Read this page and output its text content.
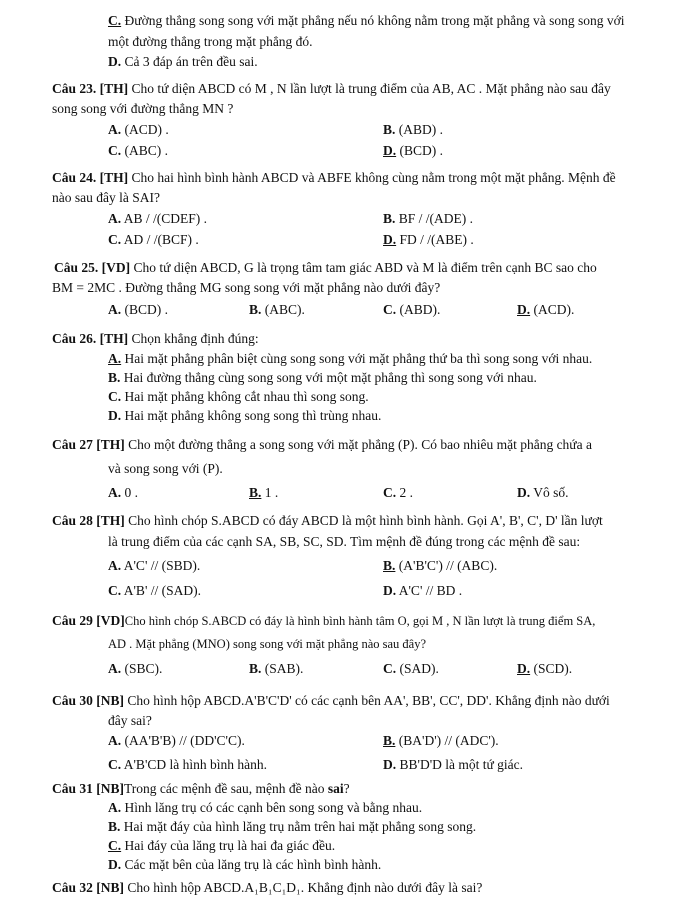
C. Đường thẳng song song với mặt phẳng nếu nó không nằm trong mặt phẳng và song song với
một đường thẳng trong mặt phẳng đó.
D. Cả 3 đáp án trên đều sai.
Câu 23. [TH] Cho tứ diện ABCD có M , N lần lượt là trung điểm của AB, AC . Mặt phẳng nào sau đây
song song với đường thẳng MN ?
A. (ACD) .	B. (ABD) .
C. (ABC) .	D. (BCD) .
Câu 24. [TH] Cho hai hình bình hành ABCD và ABFE không cùng nằm trong một mặt phẳng. Mệnh đề
nào sau đây là SAI?
A. AB / /(CDEF) .	B. BF / /(ADE) .
C. AD / /(BCF) .	D. FD / /(ABE) .
Câu 25. [VD] Cho tứ diện ABCD, G là trọng tâm tam giác ABD và M là điểm trên cạnh BC sao cho
BM = 2MC . Đường thẳng MG song song với mặt phẳng nào dưới đây?
A. (BCD) .	B. (ABC).	C. (ABD).	D. (ACD).
Câu 26. [TH] Chọn khẳng định đúng:
A. Hai mặt phẳng phân biệt cùng song song với mặt phẳng thứ ba thì song song với nhau.
B. Hai đường thẳng cùng song song với một mặt phẳng thì song song với nhau.
C. Hai mặt phẳng không cắt nhau thì song song.
D. Hai mặt phẳng không song song thì trùng nhau.
Câu 27 [TH] Cho một đường thẳng a song song với mặt phẳng (P). Có bao nhiêu mặt phẳng chứa a
và song song với (P).
A. 0 .	B. 1 .	C. 2 .	D. Vô số.
Câu 28 [TH] Cho hình chóp S.ABCD có đáy ABCD là một hình bình hành. Gọi A', B', C', D' lần lượt
là trung điểm của các cạnh SA, SB, SC, SD. Tìm mệnh đề đúng trong các mệnh đề sau:
A. A'C' // (SBD).	B. (A'B'C') // (ABC).
C. A'B' // (SAD).	D. A'C' // BD .
Câu 29 [VD]Cho hình chóp S.ABCD có đáy là hình bình hành tâm O, gọi M , N lần lượt là trung điểm SA,
AD . Mặt phẳng (MNO) song song với mặt phẳng nào sau đây?
A. (SBC).	B. (SAB).	C. (SAD).	D. (SCD).
Câu 30 [NB] Cho hình hộp ABCD.A'B'C'D' có các cạnh bên AA', BB', CC', DD'. Khẳng định nào dưới
đây sai?
A. (AA'B'B) // (DD'C'C).	B. (BA'D') // (ADC').
C. A'B'CD là hình bình hành.	D. BB'D'D là một tứ giác.
Câu 31 [NB]Trong các mệnh đề sau, mệnh đề nào sai?
A. Hình lăng trụ có các cạnh bên song song và bằng nhau.
B. Hai mặt đáy của hình lăng trụ nằm trên hai mặt phẳng song song.
C. Hai đáy của lăng trụ là hai đa giác đều.
D. Các mặt bên của lăng trụ là các hình bình hành.
Câu 32 [NB] Cho hình hộp ABCD.A₁B₁C₁D₁. Khẳng định nào dưới đây là sai?
